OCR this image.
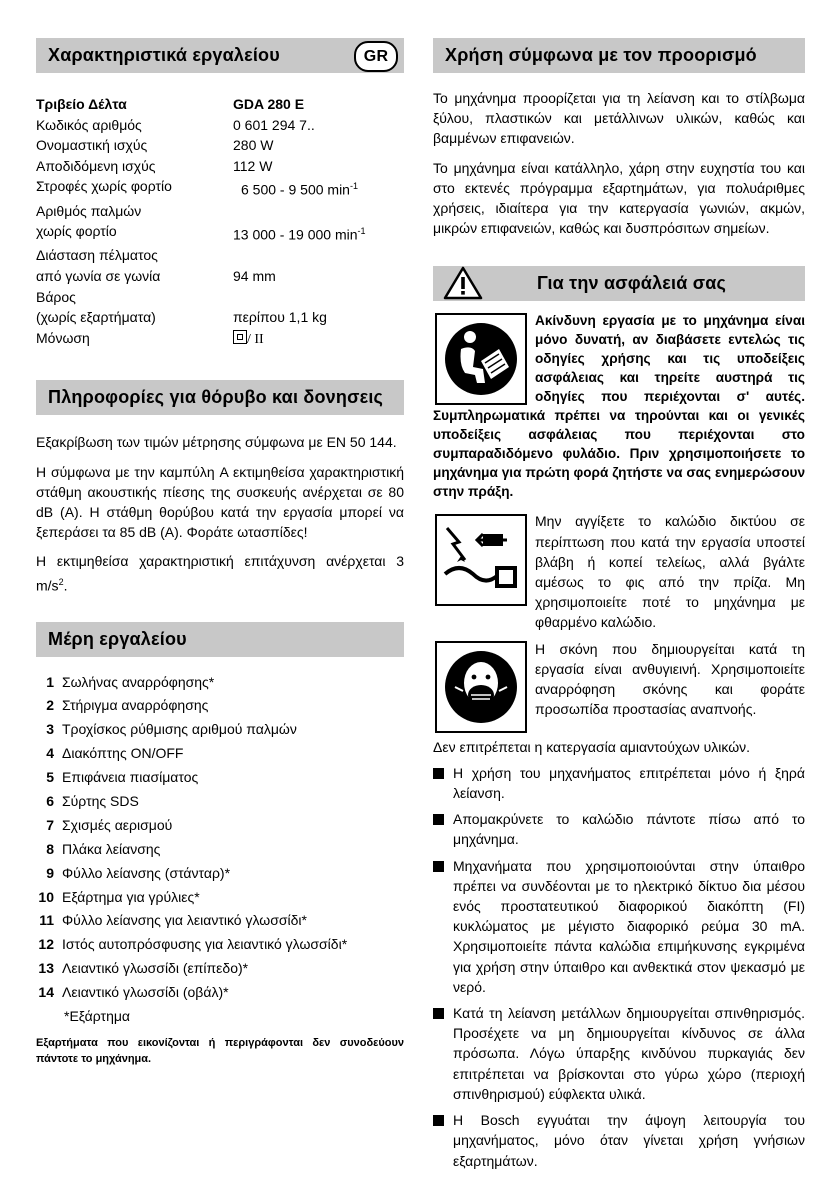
Χαρακτηριστικά εργαλείου	GR
Τριβείο Δέλτα	GDA 280 E
Κωδικός αριθμός	0 601 294 7..
Ονομαστική ισχύς	280 W
Αποδιδόμενη ισχύς	112 W
Στροφές χωρίς φορτίο	6 500 - 9 500 $\min^{-1}$
Αριθμός παλμών
χωρίς φορτίο	13 000 - 19 000 $\min^{-1}$
Διάσταση πέλματος
από γωνία σε γωνία	94 mm
Βάρος
(χωρίς εξαρτήματα)	περίπου 1,1 kg
Μόνωση	/ II
Πληροφορίες για θόρυβο και δονησεις

Εξακρίβωση των τιμών μέτρησης σύμφωνα με EN 50 144.

Η σύμφωνα με την καμπύλη A εκτιμηθείσα χαρακτηριστική στάθμη ακουστικής πίεσης της συσκευής ανέρχεται σε 80 dB (A). Η στάθμη θορύβου κατά την εργασία μπορεί να ξεπεράσει τα 85 dB (A). Φοράτε ωτασπίδες!

Η εκτιμηθείσα χαρακτηριστική επιτάχυνση ανέρχεται 3 $m/s^2$.

Μέρη εργαλείου
1 Σωλήνας αναρρόφησης*
2 Στήριγμα αναρρόφησης
3 Τροχίσκος ρύθμισης αριθμού παλμών
4 Διακόπτης ON/OFF
5 Επιφάνεια πιασίματος
6 Σύρτης SDS
7 Σχισμές αερισμού
8 Πλάκα λείανσης
9 Φύλλο λείανσης (στάνταρ)*
10 Εξάρτημα για γρύλιες*
11 Φύλλο λείανσης για λειαντικό γλωσσίδι*
12 Ιστός αυτοπρόσφυσης για λειαντικό γλωσσίδι*
13 Λειαντικό γλωσσίδι (επίπεδο)*
14 Λειαντικό γλωσσίδι (οβάλ)*
*Εξάρτημα

Εξαρτήματα που εικονίζονται ή περιγράφονται δεν συνοδεύουν πάντοτε το μηχάνημα.

Χρήση σύμφωνα με τον προορισμό

Το μηχάνημα προορίζεται για τη λείανση και το στίλβωμα ξύλου, πλαστικών και μετάλλινων υλικών, καθώς και βαμμένων επιφανειών.

Το μηχάνημα είναι κατάλληλο, χάρη στην ευχηστία του και στο εκτενές πρόγραμμα εξαρτημάτων, για πολυάριθμες χρήσεις, ιδιαίτερα για την κατεργασία γωνιών, ακμών, μικρών επιφανειών, καθώς και δυσπρόσιτων σημείων.

Για την ασφάλειά σας

Ακίνδυνη εργασία με το μηχάνημα είναι μόνο δυνατή, αν διαβάσετε εντελώς τις οδηγίες χρήσης και τις υποδείξεις ασφάλειας και τηρείτε αυστηρά τις οδηγίες που περιέχονται σ' αυτές. Συμπληρωματικά πρέπει να τηρούνται και οι γενικές υποδείξεις ασφάλειας που περιέχονται στο συμπαραδιδόμενο φυλάδιο. Πριν χρησιμοποιήσετε το μηχάνημα για πρώτη φορά ζητήστε να σας ενημερώσουν στην πράξη.

Μην αγγίξετε το καλώδιο δικτύου σε περίπτωση που κατά την εργασία υποστεί βλάβη ή κοπεί τελείως, αλλά βγάλτε αμέσως το φις από την πρίζα. Μη χρησιμοποιείτε ποτέ το μηχάνημα με φθαρμένο καλώδιο.

Η σκόνη που δημιουργείται κατά τη εργασία είναι ανθυγιεινή. Χρησιμοποιείτε αναρρόφηση σκόνης και φοράτε προσωπίδα προστασίας αναπνοής.

Δεν επιτρέπεται η κατεργασία αμιαντούχων υλικών.

Η χρήση του μηχανήματος επιτρέπεται μόνο ή ξηρά λείανση.
Απομακρύνετε το καλώδιο πάντοτε πίσω από το μηχάνημα.
Μηχανήματα που χρησιμοποιούνται στην ύπαιθρο πρέπει να συνδέονται με το ηλεκτρικό δίκτυο δια μέσου ενός προστατευτικού διαφορικού διακόπτη (FI) κυκλώματος με μέγιστο διαφορικό ρεύμα 30 mA. Χρησιμοποιείτε πάντα καλώδια επιμήκυνσης εγκριμένα για χρήση στην ύπαιθρο και ανθεκτικά στον ψεκασμό με νερό.
Κατά τη λείανση μετάλλων δημιουργείται σπινθηρισμός. Προσέχετε να μη δημιουργείται κίνδυνος σε άλλα πρόσωπα. Λόγω ύπαρξης κινδύνου πυρκαγιάς δεν επιτρέπεται να βρίσκονται στο γύρω χώρο (περιοχή σπινθηρισμού) εύφλεκτα υλικά.
Η Bosch εγγυάται την άψογη λειτουργία του μηχανήματος, μόνο όταν γίνεται χρήση γνήσιων εξαρτημάτων.
